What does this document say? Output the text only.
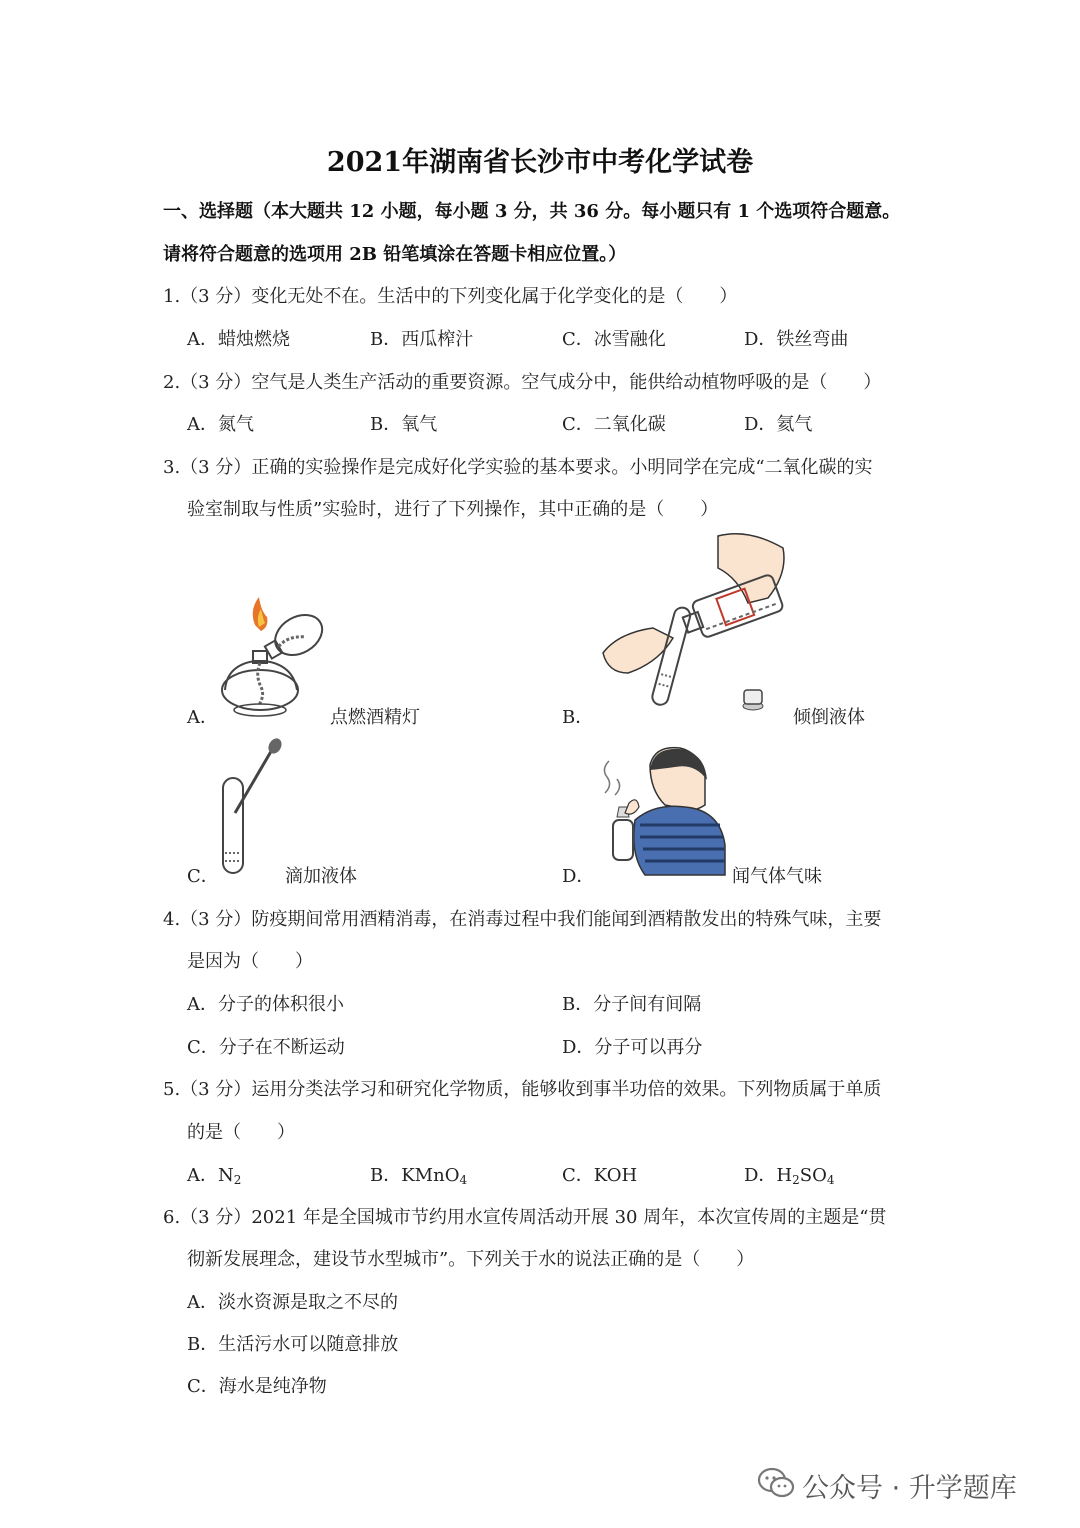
2021年湖南省长沙市中考化学试卷
一、选择题（本大题共 12 小题，每小题 3 分，共 36 分。每小题只有 1 个选项符合题意。
请将符合题意的选项用 2B 铅笔填涂在答题卡相应位置。）
1.（3 分）变化无处不在。生活中的下列变化属于化学变化的是（　　）
A．蜡烛燃烧	B．西瓜榨汁	C．冰雪融化	D．铁丝弯曲
2.（3 分）空气是人类生产活动的重要资源。空气成分中，能供给动植物呼吸的是（　　）
A．氮气	B．氧气	C．二氧化碳	D．氦气
3.（3 分）正确的实验操作是完成好化学实验的基本要求。小明同学在完成“二氧化碳的实
验室制取与性质”实验时，进行了下列操作，其中正确的是（　　）
A．	点燃酒精灯	B．	倾倒液体
C．	滴加液体	D．	闻气体气味
4.（3 分）防疫期间常用酒精消毒，在消毒过程中我们能闻到酒精散发出的特殊气味，主要
是因为（　　）
A．分子的体积很小	B．分子间有间隔
C．分子在不断运动	D．分子可以再分
5.（3 分）运用分类法学习和研究化学物质，能够收到事半功倍的效果。下列物质属于单质
的是（　　）
A．$N_2$	B．KMnO$_4$	C．KOH	D．$H_2SO_4$
6.（3 分）2021 年是全国城市节约用水宣传周活动开展 30 周年，本次宣传周的主题是“贯
彻新发展理念，建设节水型城市”。下列关于水的说法正确的是（　　）
A．淡水资源是取之不尽的
B．生活污水可以随意排放
C．海水是纯净物
公众号 · 升学题库
